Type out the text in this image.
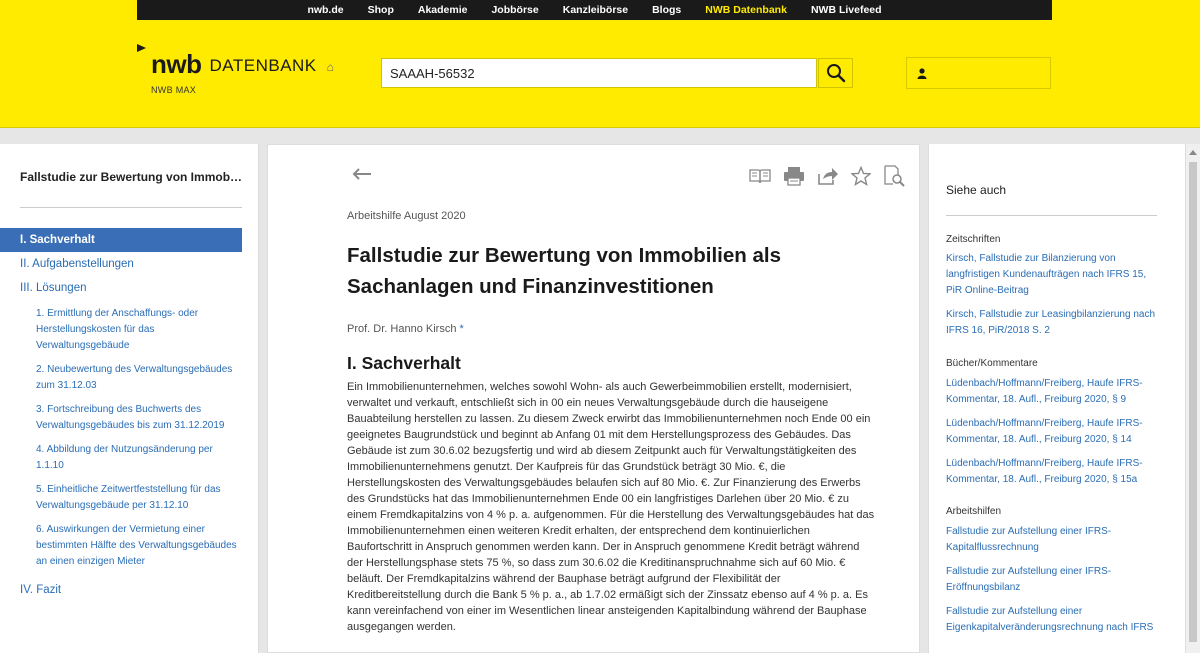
nwb.de	Shop	Akademie	Jobbörse	Kanzleibörse	Blogs	NWB Datenbank	NWB Livefeed
nwb DATENBANK ⌂
NWB MAX
SAAAH-56532
Fallstudie zur Bewertung von Immobi…
I. Sachverhalt
II. Aufgabenstellungen
III. Lösungen
1. Ermittlung der Anschaffungs- oder Herstellungskosten für das Verwaltungsgebäude
2. Neubewertung des Verwaltungsgebäudes zum 31.12.03
3. Fortschreibung des Buchwerts des Verwaltungsgebäudes bis zum 31.12.2019
4. Abbildung der Nutzungsänderung per 1.1.10
5. Einheitliche Zeitwertfeststellung für das Verwaltungsgebäude per 31.12.10
6. Auswirkungen der Vermietung einer bestimmten Hälfte des Verwaltungsgebäudes an einen einzigen Mieter
IV. Fazit
Arbeitshilfe August 2020
Fallstudie zur Bewertung von Immobilien als Sachanlagen und Finanzinvestitionen
Prof. Dr. Hanno Kirsch *
I. Sachverhalt

Ein Immobilienunternehmen, welches sowohl Wohn- als auch Gewerbeimmobilien erstellt, modernisiert, verwaltet und verkauft, entschließt sich in 00 ein neues Verwaltungsgebäude durch die hauseigene Bauabteilung herstellen zu lassen. Zu diesem Zweck erwirbt das Immobilienunternehmen noch Ende 00 ein geeignetes Baugrundstück und beginnt ab Anfang 01 mit dem Herstellungsprozess des Gebäudes. Das Gebäude ist zum 30.6.02 bezugsfertig und wird ab diesem Zeitpunkt auch für Verwaltungstätigkeiten des Immobilienunternehmens genutzt. Der Kaufpreis für das Grundstück beträgt 30 Mio. €, die Herstellungskosten des Verwaltungsgebäudes belaufen sich auf 80 Mio. €. Zur Finanzierung des Erwerbs des Grundstücks hat das Immobilienunternehmen Ende 00 ein langfristiges Darlehen über 20 Mio. € zu einem Fremdkapitalzins von 4 % p. a. aufgenommen. Für die Herstellung des Verwaltungsgebäudes hat das Immobilienunternehmen einen weiteren Kredit erhalten, der entsprechend dem kontinuierlichen Baufortschritt in Anspruch genommen werden kann. Der in Anspruch genommene Kredit beträgt während der Herstellungsphase stets 75 %, so dass zum 30.6.02 die Kreditinanspruchnahme sich auf 60 Mio. € beläuft. Der Fremdkapitalzins während der Bauphase beträgt aufgrund der Flexibilität der Kreditbereitstellung durch die Bank 5 % p. a., ab 1.7.02 ermäßigt sich der Zinssatz ebenso auf 4 % p. a. Es kann vereinfachend von einer im Wesentlichen linear ansteigenden Kapitalbindung während der Bauphase ausgegangen werden.

Siehe auch
Zeitschriften
Kirsch, Fallstudie zur Bilanzierung von langfristigen Kundenaufträgen nach IFRS 15, PiR Online-Beitrag
Kirsch, Fallstudie zur Leasingbilanzierung nach IFRS 16, PiR/2018 S. 2
Bücher/Kommentare
Lüdenbach/Hoffmann/Freiberg, Haufe IFRS-Kommentar, 18. Aufl., Freiburg 2020, § 9
Lüdenbach/Hoffmann/Freiberg, Haufe IFRS-Kommentar, 18. Aufl., Freiburg 2020, § 14
Lüdenbach/Hoffmann/Freiberg, Haufe IFRS-Kommentar, 18. Aufl., Freiburg 2020, § 15a
Arbeitshilfen
Fallstudie zur Aufstellung einer IFRS-Kapitalflussrechnung
Fallstudie zur Aufstellung einer IFRS-Eröffnungsbilanz
Fallstudie zur Aufstellung einer Eigenkapitalveränderungsrechnung nach IFRS
